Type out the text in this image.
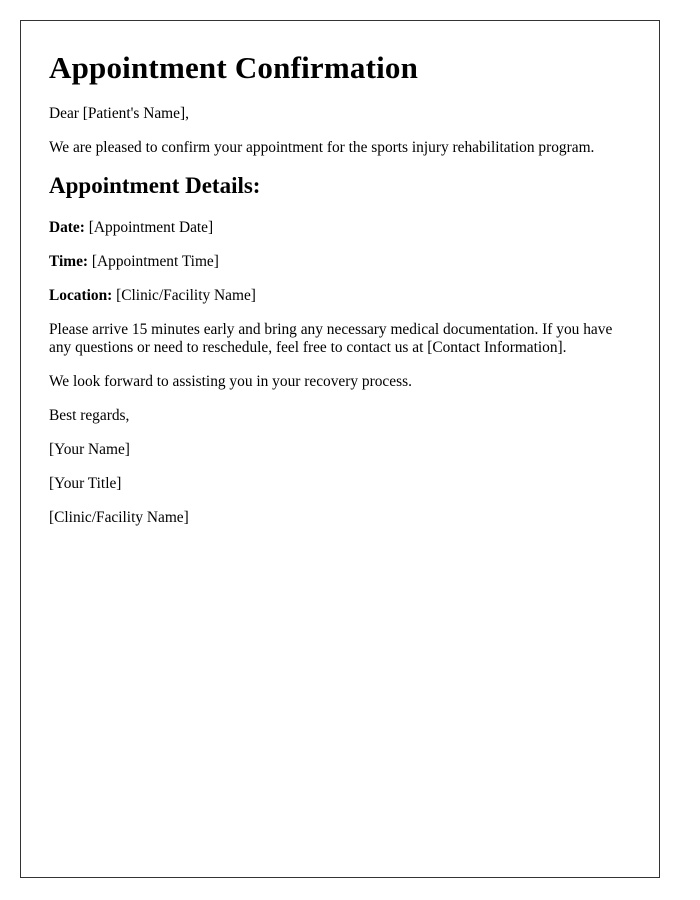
Appointment Confirmation

Dear [Patient's Name],

We are pleased to confirm your appointment for the sports injury rehabilitation program.

Appointment Details:

Date: [Appointment Date]

Time: [Appointment Time]

Location: [Clinic/Facility Name]

Please arrive 15 minutes early and bring any necessary medical documentation. If you have any questions or need to reschedule, feel free to contact us at [Contact Information].

We look forward to assisting you in your recovery process.

Best regards,

[Your Name]

[Your Title]

[Clinic/Facility Name]
